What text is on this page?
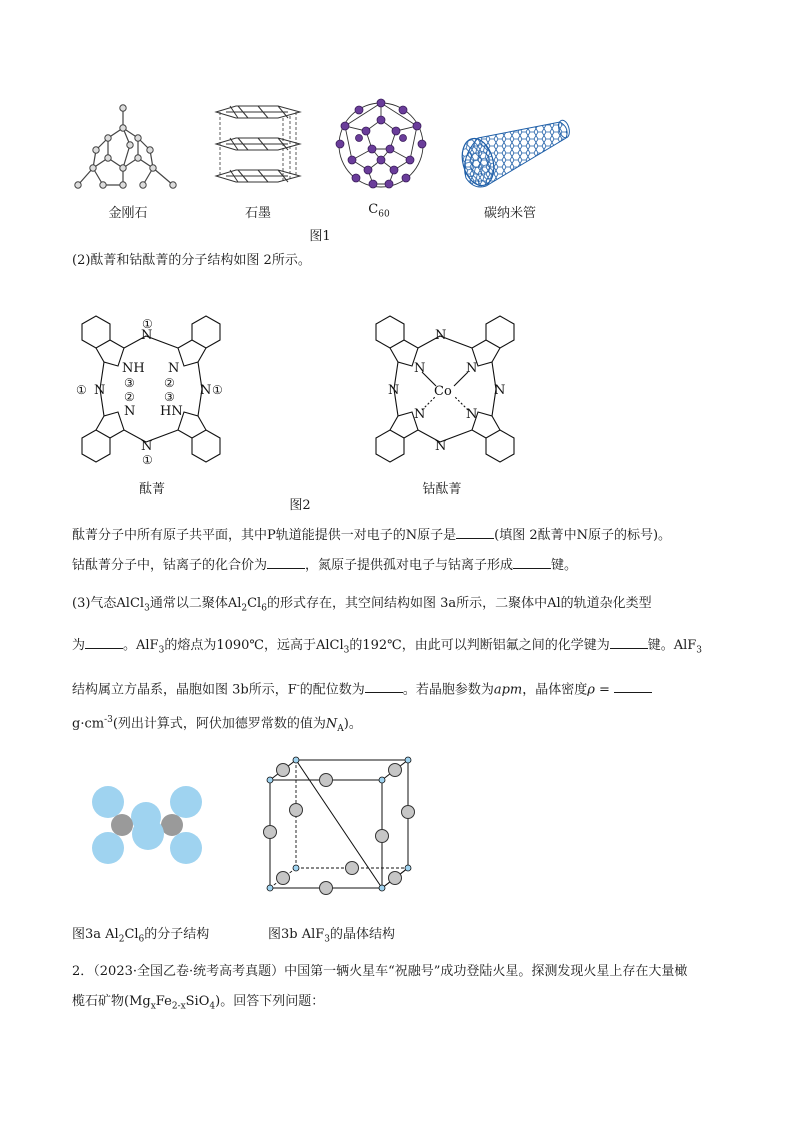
金刚石	石墨	$C_{60}$	碳纳米管
图1
(2)酞菁和钴酞菁的分子结构如图 2所示。
N
N
N	N
NH
N
N
HN
①
①
①	①
③
②
②
③
酞菁
N
N
N	N
N	N
N	N
Co
钴酞菁
图2
酞菁分子中所有原子共平面，其中P轨道能提供一对电子的N原子是	(填图 2酞菁中N原子的标号)。
钴酞菁分子中，钴离子的化合价为	，氮原子提供孤对电子与钴离子形成	键。
(3)气态AlCl$_3$通常以二聚体$Al_2Cl_6$的形式存在，其空间结构如图 3a所示，二聚体中Al的轨道杂化类型
为	。AlF$_3$的熔点为1090℃，远高于AlCl$_3$的192℃，由此可以判断铝氟之间的化学键为	键。AlF$_3$
结构属立方晶系，晶胞如图 3b所示，F-的配位数为	。若晶胞参数为apm，晶体密度ρ =
$g\cdot cm^{-3}$(列出计算式，阿伏加德罗常数的值为$N_A$)。
图3a $Al_2Cl_6$的分子结构	图3b AlF$_3$的晶体结构
2．（2023·全国乙卷·统考高考真题）中国第一辆火星车“祝融号”成功登陆火星。探测发现火星上存在大量橄
榄石矿物$(Mg_xFe_{2-x}SiO_4)$。回答下列问题：
